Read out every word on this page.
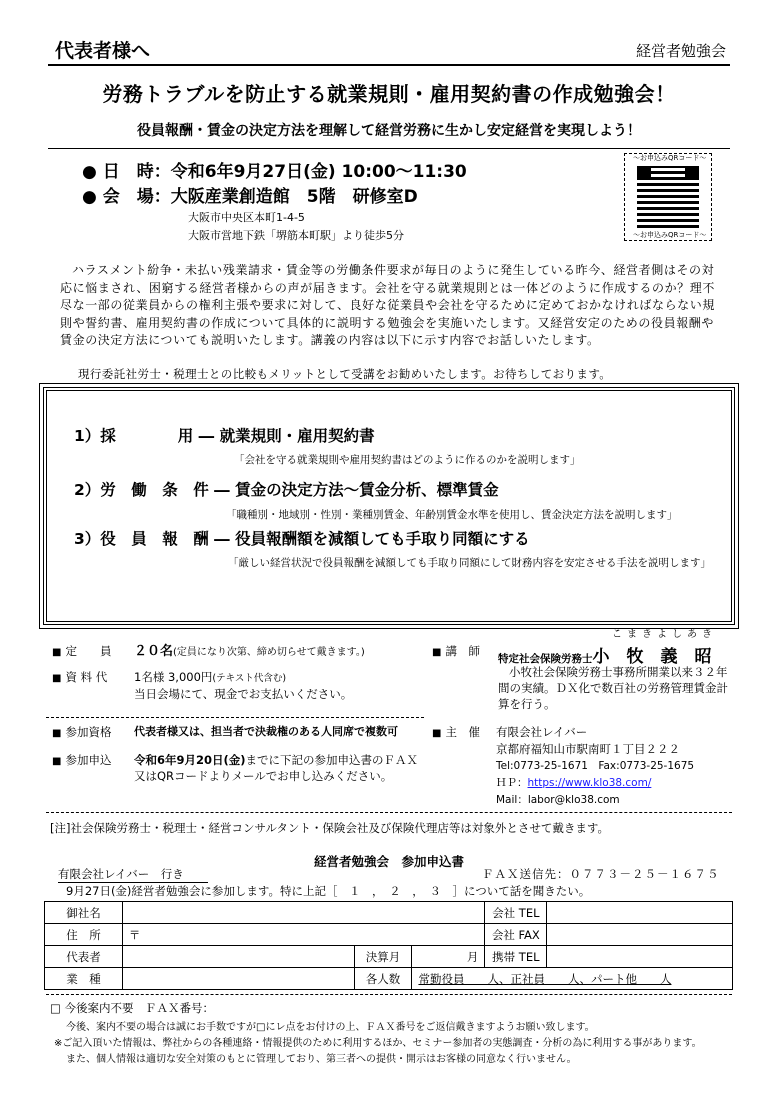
代表者様へ	経営者勉強会
労務トラブルを防止する就業規則・雇用契約書の作成勉強会！
役員報酬・賃金の決定方法を理解して経営労務に生かし安定経営を実現しよう！
● 日　時：令和6年9月27日(金) 10:00～11:30
● 会　場：大阪産業創造館　5階　研修室D
大阪市中央区本町1-4-5
大阪市営地下鉄「堺筋本町駅」より徒歩5分
～お申込みQRコード～
～お申込みQRコード～
ハラスメント紛争・未払い残業請求・賃金等の労働条件要求が毎日のように発生している昨今、経営者側はその対応に悩まされ、困窮する経営者様からの声が届きます。会社を守る就業規則とは一体どのように作成するのか？理不尽な一部の従業員からの権利主張や要求に対して、良好な従業員や会社を守るために定めておかなければならない規則や誓約書、雇用契約書の作成について具体的に説明する勉強会を実施いたします。又経営安定のための役員報酬や賃金の決定方法についても説明いたします。講義の内容は以下に示す内容でお話しいたします。
現行委託社労士・税理士との比較もメリットとして受講をお勧めいたします。お待ちしております。
1）採　　　　用 ― 就業規則・雇用契約書
「会社を守る就業規則や雇用契約書はどのように作るのかを説明します」
2）労　働　条　件 ― 賃金の決定方法～賃金分析、標準賃金
「職種別・地域別・性別・業種別賃金、年齢別賃金水準を使用し、賃金決定方法を説明します」
3）役　員　報　酬 ― 役員報酬額を減額しても手取り同額にする
「厳しい経営状況で役員報酬を減額しても手取り同額にして財務内容を安定させる手法を説明します」
■ 定　　員 ２０名(定員になり次第、締め切らせて戴きます。)
■ 資 料 代 1名様 3,000円(テキスト代含む)
当日会場にて、現金でお支払いください。
■ 参加資格 代表者様又は、担当者で決裁権のある人同席で複数可
■ 参加申込 令和6年9月20日(金)までに下記の参加申込書のＦＡＸ又はQRコードよりメールでお申し込みください。
■ 講　師
こまきよしあき
特定社会保険労務士小　牧　義　昭
小牧社会保険労務士事務所開業以来３２年間の実績。ＤＸ化で数百社の労務管理賃金計算を行う。
■ 主　催 有限会社レイバー
京都府福知山市駅南町１丁目２２２
Tel:0773-25-1671　Fax:0773-25-1675
ＨＰ：https://www.klo38.com/
Mail：labor@klo38.com
[注]社会保険労務士・税理士・経営コンサルタント・保険会社及び保険代理店等は対象外とさせて戴きます。
経営者勉強会　参加申込書
有限会社レイバー　行き	ＦＡＸ送信先：０７７３－２５－１６７５
9月27日(金)経営者勉強会に参加します。特に上記［　１　，　２　，　３　］について話を聞きたい。
御社名				会社 TEL	
住　所	〒			会社 FAX	
代表者		決算月	月	携帯 TEL	
業　種		各人数	常勤役員　　人、正社員　　人、パート他　　人		
□ 今後案内不要　ＦＡＸ番号：
今後、案内不要の場合は誠にお手数ですが□にレ点をお付けの上、ＦＡＸ番号をご返信戴きますようお願い致します。
※ご記入頂いた情報は、弊社からの各種連絡・情報提供のために利用するほか、セミナー参加者の実態調査・分析の為に利用する事があります。
また、個人情報は適切な安全対策のもとに管理しており、第三者への提供・開示はお客様の同意なく行いません。
